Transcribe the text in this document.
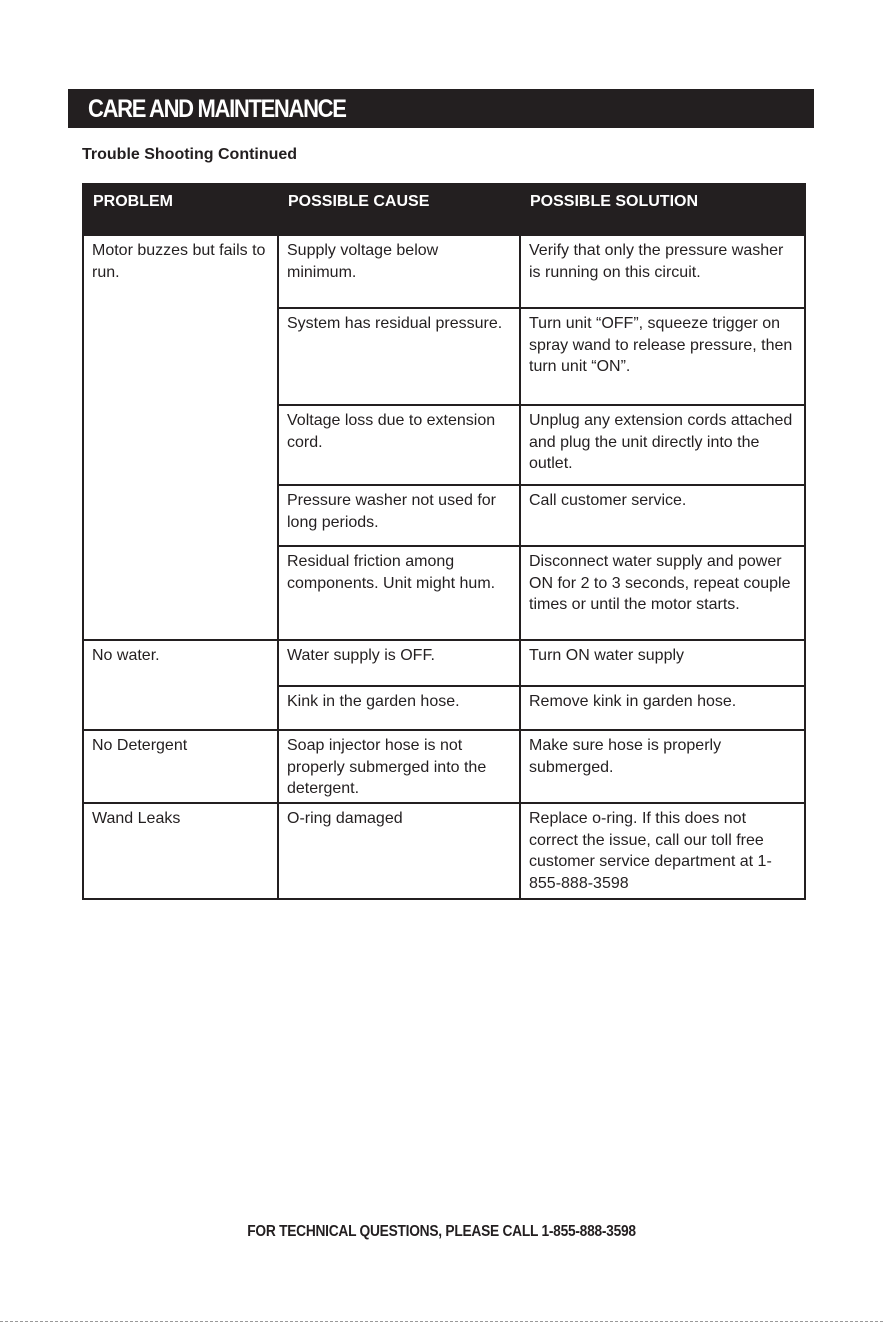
CARE AND MAINTENANCE
Trouble Shooting Continued
PROBLEM	POSSIBLE CAUSE	POSSIBLE SOLUTION
Motor buzzes but fails to run.	Supply voltage below minimum.	Verify that only the pressure washer is running on this circuit.
	System has residual pressure.	Turn unit “OFF”, squeeze trigger on spray wand to release pressure, then turn unit “ON”.
	Voltage loss due to extension cord.	Unplug any extension cords attached and plug the unit directly into the outlet.
	Pressure washer not used for long periods.	Call customer service.
	Residual friction among components. Unit might hum.	Disconnect water supply and power ON for 2 to 3 seconds, repeat couple times or until the motor starts.
No water.	Water supply is OFF.	Turn ON water supply
	Kink in the garden hose.	Remove kink in garden hose.
No Detergent	Soap injector hose is not properly submerged into the detergent.	Make sure hose is properly submerged.
Wand Leaks	O-ring damaged	Replace o-ring. If this does not correct the issue, call our toll free customer service department at 1-855-888-3598
FOR TECHNICAL QUESTIONS, PLEASE CALL 1-855-888-3598
